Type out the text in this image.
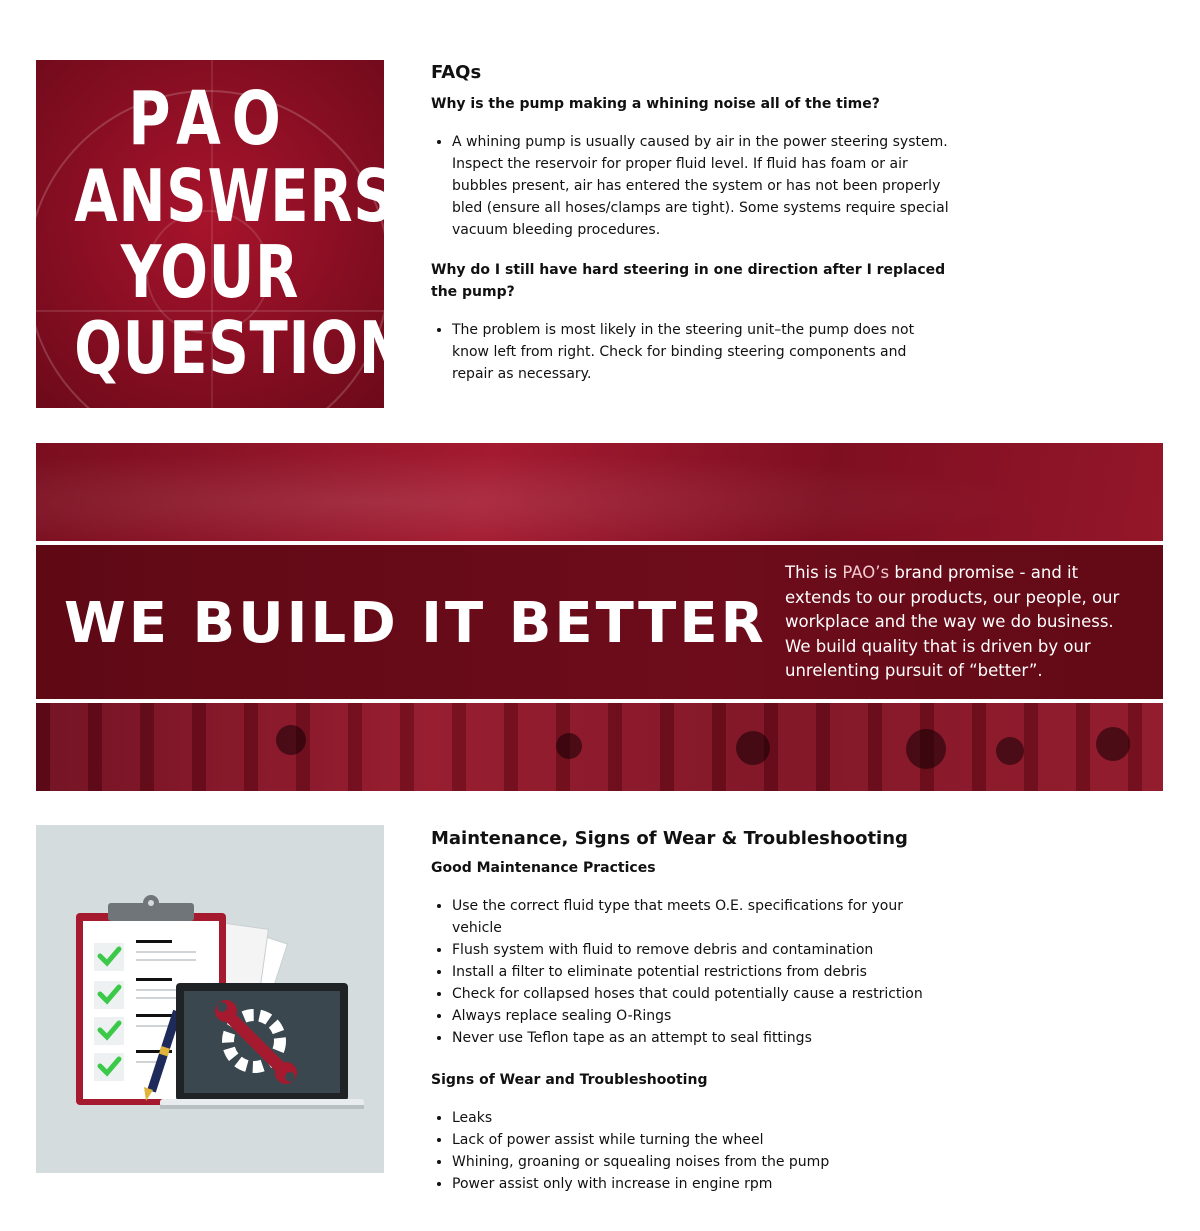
PAO
ANSWERS
YOUR
QUESTIONS
FAQs

Why is the pump making a whining noise all of the time?

• A whining pump is usually caused by air in the power steering system. Inspect the reservoir for proper fluid level. If fluid has foam or air bubbles present, air has entered the system or has not been properly bled (ensure all hoses/clamps are tight). Some systems require special vacuum bleeding procedures.

Why do I still have hard steering in one direction after I replaced the pump?

• The problem is most likely in the steering unit–the pump does not know left from right. Check for binding steering components and repair as necessary.
WE BUILD IT BETTER
This is PAO’s brand promise - and it extends to our products, our people, our workplace and the way we do business. We build quality that is driven by our unrelenting pursuit of “better”.
Maintenance, Signs of Wear & Troubleshooting

Good Maintenance Practices

• Use the correct fluid type that meets O.E. specifications for your vehicle
• Flush system with fluid to remove debris and contamination
• Install a filter to eliminate potential restrictions from debris
• Check for collapsed hoses that could potentially cause a restriction
• Always replace sealing O-Rings
• Never use Teflon tape as an attempt to seal fittings

Signs of Wear and Troubleshooting

• Leaks
• Lack of power assist while turning the wheel
• Whining, groaning or squealing noises from the pump
• Power assist only with increase in engine rpm
